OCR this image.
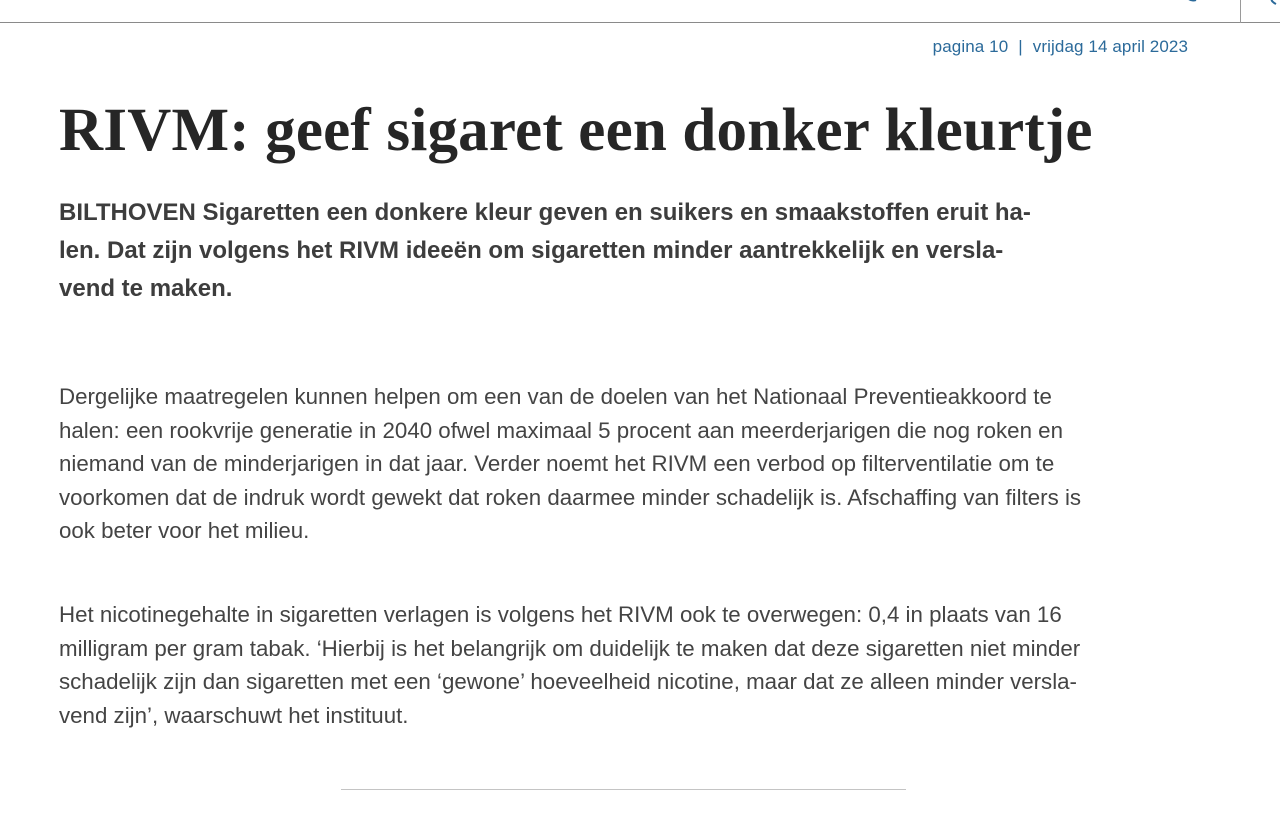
pagina 10 | vrijdag 14 april 2023
RIVM: geef sigaret een donker kleurtje
BILTHOVEN Sigaretten een donkere kleur geven en suikers en smaakstoffen eruit ha-
len. Dat zijn volgens het RIVM ideeën om sigaretten minder aantrekkelijk en versla-
vend te maken.
Dergelijke maatregelen kunnen helpen om een van de doelen van het Nationaal Preventieakkoord te
halen: een rookvrije generatie in 2040 ofwel maximaal 5 procent aan meerderjarigen die nog roken en
niemand van de minderjarigen in dat jaar. Verder noemt het RIVM een verbod op filterventilatie om te
voorkomen dat de indruk wordt gewekt dat roken daarmee minder schadelijk is. Afschaffing van filters is
ook beter voor het milieu.
Het nicotinegehalte in sigaretten verlagen is volgens het RIVM ook te overwegen: 0,4 in plaats van 16
milligram per gram tabak. ‘Hierbij is het belangrijk om duidelijk te maken dat deze sigaretten niet minder
schadelijk zijn dan sigaretten met een ‘gewone’ hoeveelheid nicotine, maar dat ze alleen minder versla-
vend zijn’, waarschuwt het instituut.
